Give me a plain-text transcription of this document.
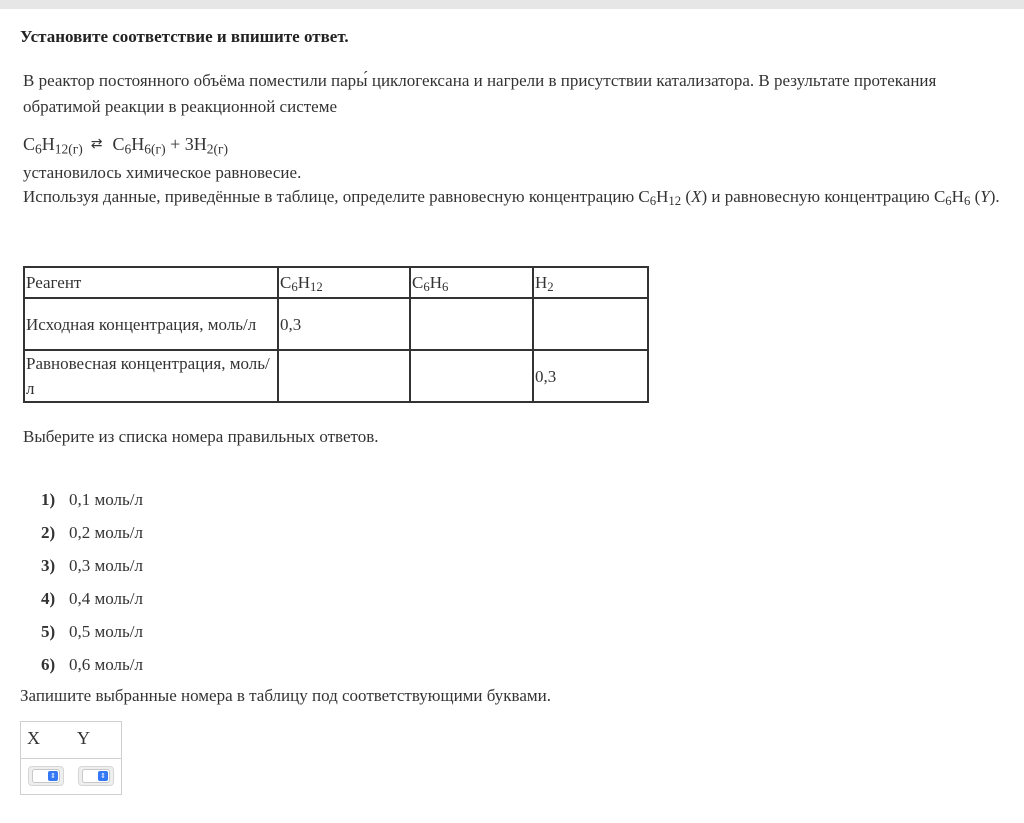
Установите соответствие и впишите ответ.

В реактор постоянного объёма поместили пары́ циклогексана и нагрели в присутствии катализатора. В результате протекания обратимой реакции в реакционной системе

$C_6H_{12(г)}$ ⇄ $C_6H_{6(г)} + 3H_{2(г)}$

установилось химическое равновесие.

Используя данные, приведённые в таблице, определите равновесную концентрацию $C_6H_{12}$ (X) и равновесную концентрацию $C_6H_6$ (Y).

Реагент	$C_6H_{12}$	$C_6H_6$	$H_2$
Исходная концентрация, моль/л	0,3		
Равновесная концентрация, моль/л			0,3
Выберите из списка номера правильных ответов.
1) 0,1 моль/л
2) 0,2 моль/л
3) 0,3 моль/л
4) 0,4 моль/л
5) 0,5 моль/л
6) 0,6 моль/л
Запишите выбранные номера в таблицу под соответствующими буквами.
X Y
⇕	⇕
